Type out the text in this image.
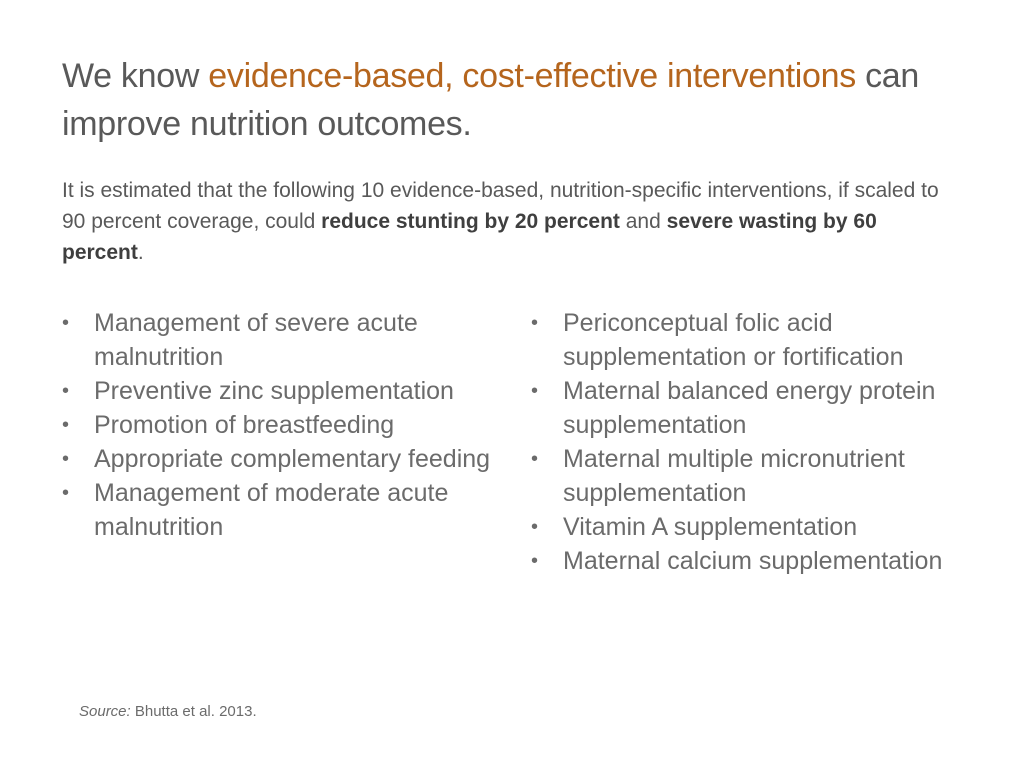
We know evidence-based, cost-effective interventions can improve nutrition outcomes.

It is estimated that the following 10 evidence-based, nutrition-specific interventions, if scaled to 90 percent coverage, could reduce stunting by 20 percent and severe wasting by 60 percent.

• Management of severe acute malnutrition
• Preventive zinc supplementation
• Promotion of breastfeeding
• Appropriate complementary feeding
• Management of moderate acute malnutrition
• Periconceptual folic acid supplementation or fortification
• Maternal balanced energy protein supplementation
• Maternal multiple micronutrient supplementation
• Vitamin A supplementation
• Maternal calcium supplementation
Source: Bhutta et al. 2013.
